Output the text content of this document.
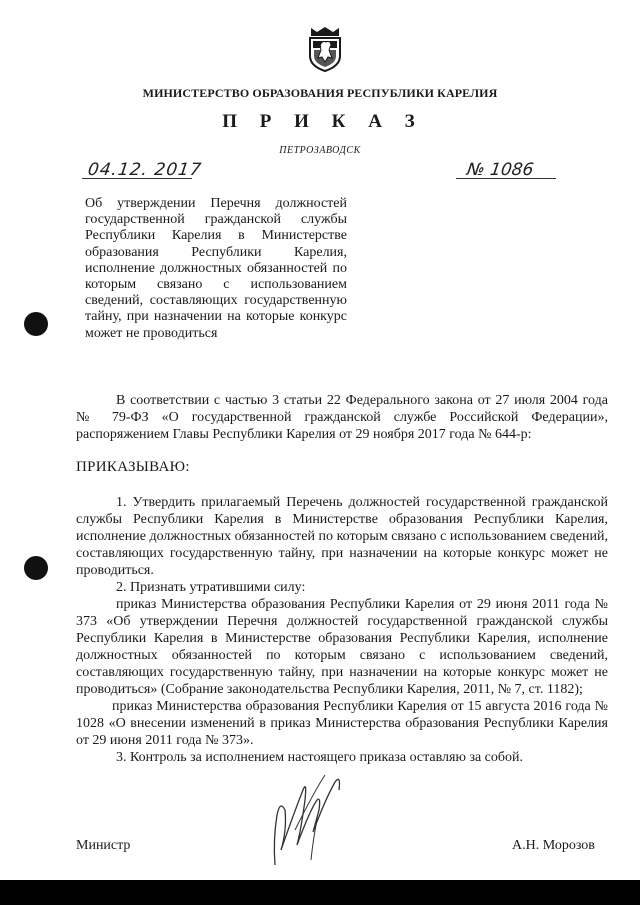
МИНИСТЕРСТВО ОБРАЗОВАНИЯ РЕСПУБЛИКИ КАРЕЛИЯ
П Р И К А З
ПЕТРОЗАВОДСК
04.12. 2017	№ 1086
Об утверждении Перечня должностей государственной гражданской службы Республики Карелия в Министерстве образования Республики Карелия, исполнение должностных обязанностей по которым связано с использованием сведений, составляющих государственную тайну, при назначении на которые конкурс может не проводиться

В соответствии с частью 3 статьи 22 Федерального закона от 27 июля 2004 года № 79-ФЗ «О государственной гражданской службе Российской Федерации», распоряжением Главы Республики Карелия от 29 ноября 2017 года № 644-р:

ПРИКАЗЫВАЮ:

1. Утвердить прилагаемый Перечень должностей государственной гражданской службы Республики Карелия в Министерстве образования Республики Карелия, исполнение должностных обязанностей по которым связано с использованием сведений, составляющих государственную тайну, при назначении на которые конкурс может не проводиться.

2. Признать утратившими силу:

приказ Министерства образования Республики Карелия от 29 июня 2011 года № 373 «Об утверждении Перечня должностей государственной гражданской службы Республики Карелия в Министерстве образования Республики Карелия, исполнение должностных обязанностей по которым связано с использованием сведений, составляющих государственную тайну, при назначении на которые конкурс может не проводиться» (Собрание законодательства Республики Карелия, 2011, № 7, ст. 1182);

приказ Министерства образования Республики Карелия от 15 августа 2016 года № 1028 «О внесении изменений в приказ Министерства образования Республики Карелия от 29 июня 2011 года № 373».

3. Контроль за исполнением настоящего приказа оставляю за собой.

Министр	А.Н. Морозов
